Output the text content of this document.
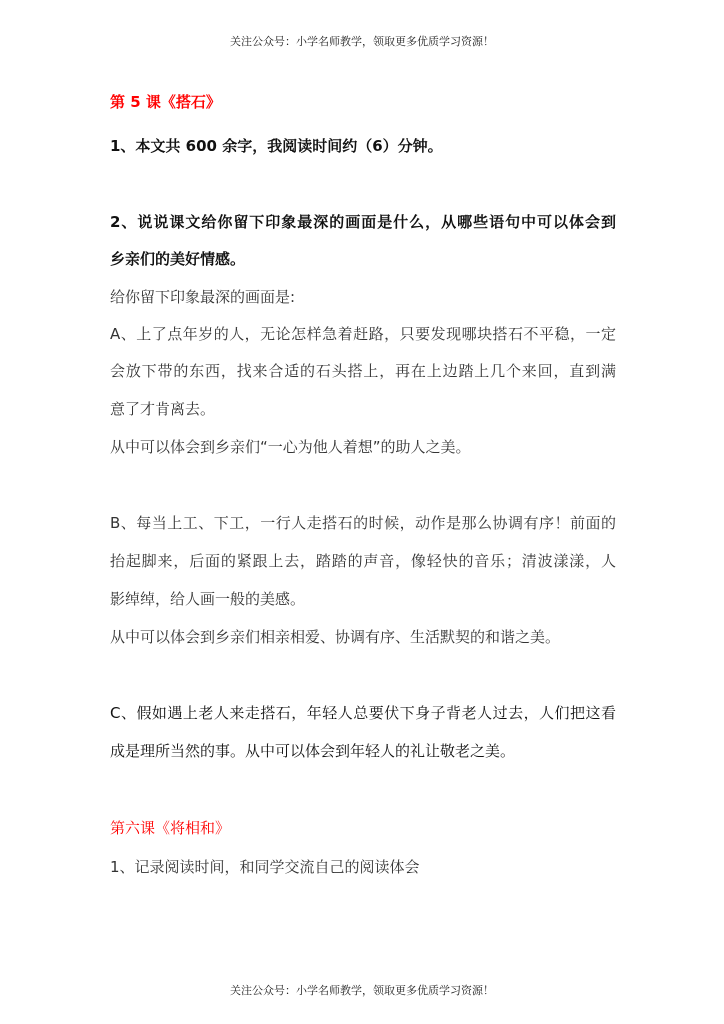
关注公众号：小学名师教学，领取更多优质学习资源！
第 5 课《搭石》
1、本文共 600 余字，我阅读时间约（6）分钟。
2、说说课文给你留下印象最深的画面是什么，从哪些语句中可以体会到
乡亲们的美好情感。
给你留下印象最深的画面是:
A、上了点年岁的人，无论怎样急着赶路，只要发现哪块搭石不平稳，一定
会放下带的东西，找来合适的石头搭上，再在上边踏上几个来回，直到满
意了才肯离去。
从中可以体会到乡亲们“一心为他人着想”的助人之美。
B、每当上工、下工，一行人走搭石的时候，动作是那么协调有序！前面的
抬起脚来，后面的紧跟上去，踏踏的声音，像轻快的音乐；清波漾漾，人
影绰绰，给人画一般的美感。
从中可以体会到乡亲们相亲相爱、协调有序、生活默契的和谐之美。
C、假如遇上老人来走搭石，年轻人总要伏下身子背老人过去，人们把这看
成是理所当然的事。从中可以体会到年轻人的礼让敬老之美。
第六课《将相和》
1、记录阅读时间，和同学交流自己的阅读体会
关注公众号：小学名师教学，领取更多优质学习资源！
